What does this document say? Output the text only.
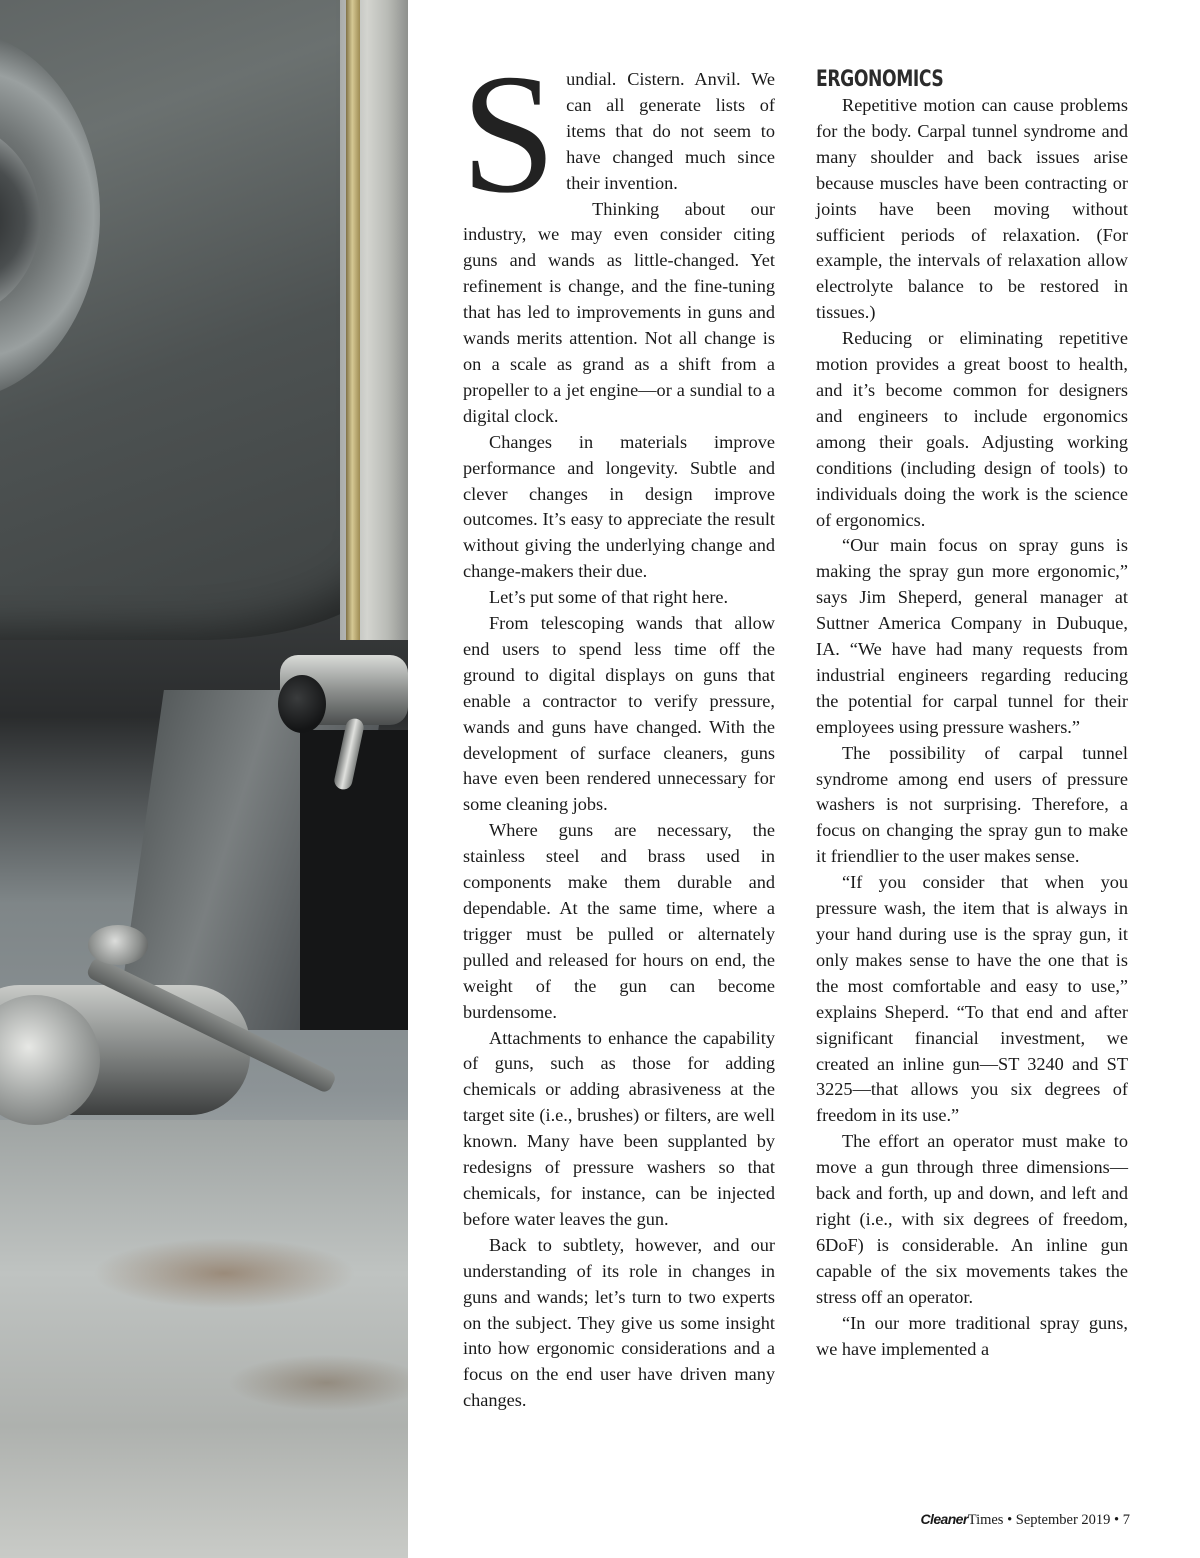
Sundial. Cistern. Anvil. We can all generate lists of items that do not seem to have changed much since their invention.

Thinking about our industry, we may even consider citing guns and wands as little-changed. Yet refinement is change, and the fine-tuning that has led to improvements in guns and wands merits attention. Not all change is on a scale as grand as a shift from a propeller to a jet engine—or a sundial to a digital clock.

Changes in materials improve performance and longevity. Subtle and clever changes in design improve outcomes. It’s easy to appreciate the result without giving the underlying change and change-makers their due.

Let’s put some of that right here.

From telescoping wands that allow end users to spend less time off the ground to digital displays on guns that enable a contractor to verify pressure, wands and guns have changed. With the development of surface cleaners, guns have even been rendered unnecessary for some cleaning jobs.

Where guns are necessary, the stainless steel and brass used in components make them durable and dependable. At the same time, where a trigger must be pulled or alternately pulled and released for hours on end, the weight of the gun can become burdensome.

Attachments to enhance the capability of guns, such as those for adding chemicals or adding abrasiveness at the target site (i.e., brushes) or filters, are well known. Many have been supplanted by redesigns of pressure washers so that chemicals, for instance, can be injected before water leaves the gun.

Back to subtlety, however, and our understanding of its role in changes in guns and wands; let’s turn to two experts on the subject. They give us some insight into how ergonomic considerations and a focus on the end user have driven many changes.

ERGONOMICS

Repetitive motion can cause problems for the body. Carpal tunnel syndrome and many shoulder and back issues arise because muscles have been contracting or joints have been moving without sufficient periods of relaxation. (For example, the intervals of relaxation allow electrolyte balance to be restored in tissues.)

Reducing or eliminating repetitive motion provides a great boost to health, and it’s become common for designers and engineers to include ergonomics among their goals. Adjusting working conditions (including design of tools) to individuals doing the work is the science of ergonomics.

“Our main focus on spray guns is making the spray gun more ergonomic,” says Jim Sheperd, general manager at Suttner America Company in Dubuque, IA. “We have had many requests from industrial engineers regarding reducing the potential for carpal tunnel for their employees using pressure washers.”

The possibility of carpal tunnel syndrome among end users of pressure washers is not surprising. Therefore, a focus on changing the spray gun to make it friendlier to the user makes sense.

“If you consider that when you pressure wash, the item that is always in your hand during use is the spray gun, it only makes sense to have the one that is the most comfortable and easy to use,” explains Sheperd. “To that end and after significant financial investment, we created an inline gun—ST 3240 and ST 3225—that allows you six degrees of freedom in its use.”

The effort an operator must make to move a gun through three dimensions—back and forth, up and down, and left and right (i.e., with six degrees of freedom, 6DoF) is considerable. An inline gun capable of the six movements takes the stress off an operator.

“In our more traditional spray guns, we have implemented a

CleanerTimes • September 2019 • 7
